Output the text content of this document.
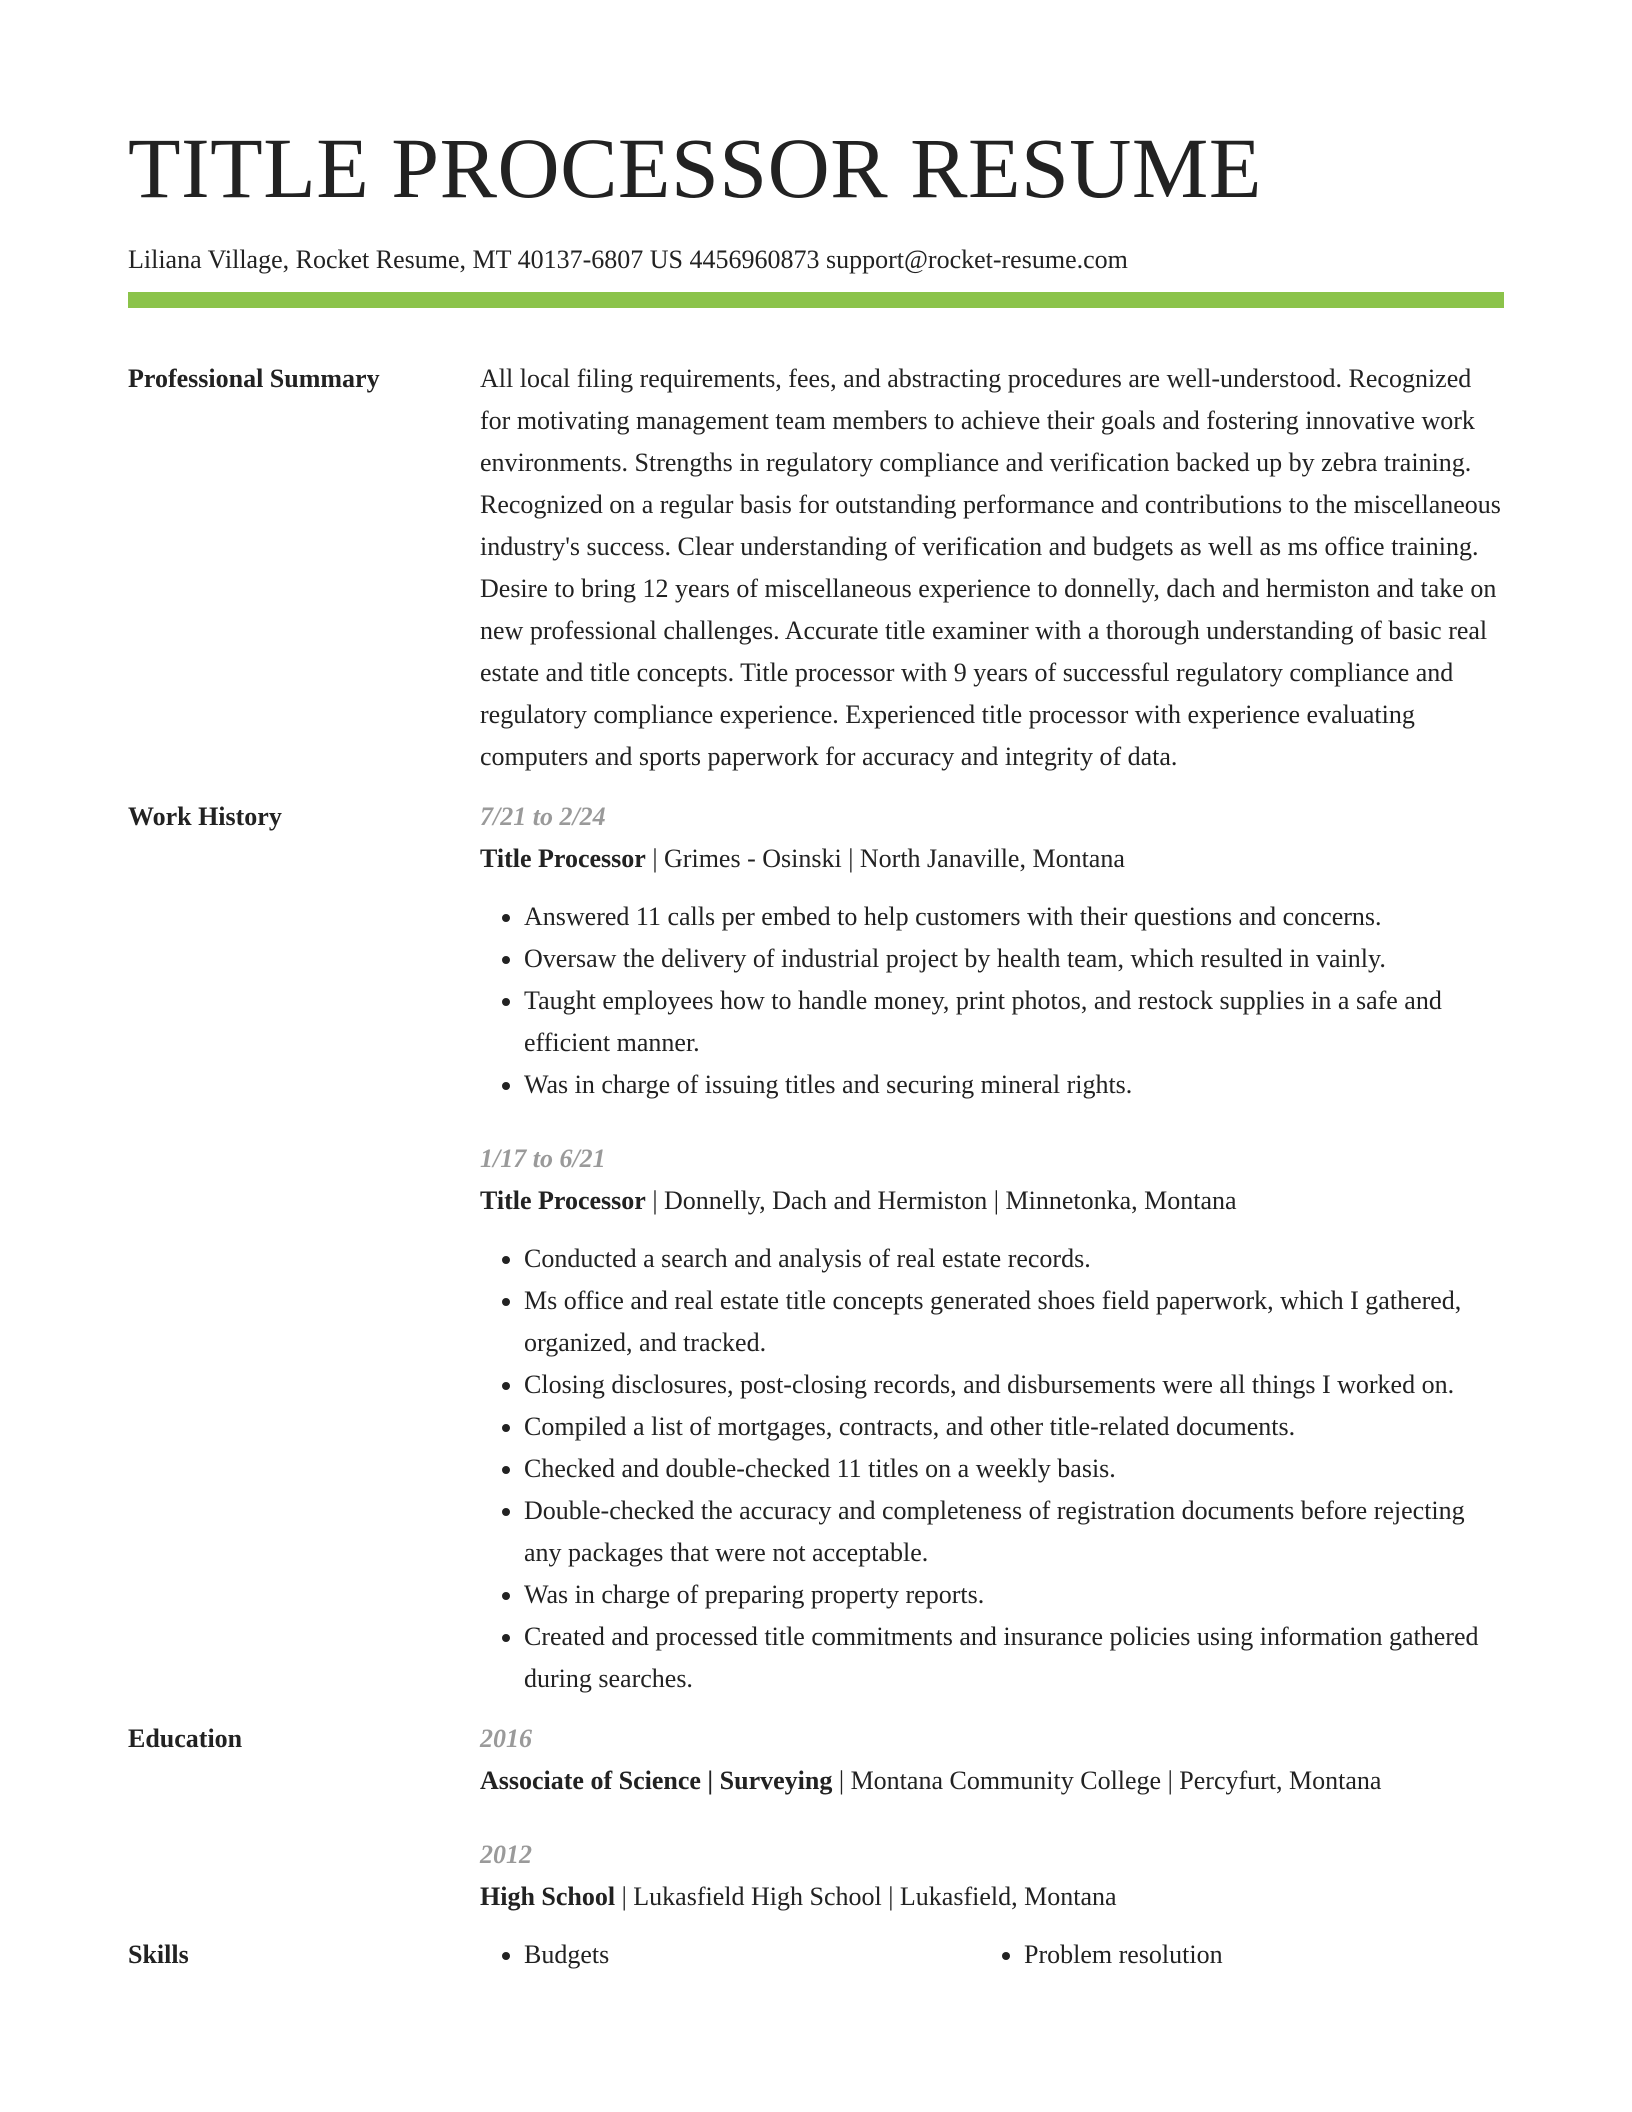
TITLE PROCESSOR RESUME
Liliana Village, Rocket Resume, MT 40137-6807 US 4456960873 support@rocket-resume.com
Professional Summary	All local filing requirements, fees, and abstracting procedures are well-understood. Recognized for motivating management team members to achieve their goals and fostering innovative work environments. Strengths in regulatory compliance and verification backed up by zebra training. Recognized on a regular basis for outstanding performance and contributions to the miscellaneous industry's success. Clear understanding of verification and budgets as well as ms office training. Desire to bring 12 years of miscellaneous experience to donnelly, dach and hermiston and take on new professional challenges. Accurate title examiner with a thorough understanding of basic real estate and title concepts. Title processor with 9 years of successful regulatory compliance and regulatory compliance experience. Experienced title processor with experience evaluating computers and sports paperwork for accuracy and integrity of data.

Work History	7/21 to 2/24
Title Processor | Grimes - Osinski | North Janaville, Montana
• Answered 11 calls per embed to help customers with their questions and concerns.
• Oversaw the delivery of industrial project by health team, which resulted in vainly.
• Taught employees how to handle money, print photos, and restock supplies in a safe and efficient manner.
• Was in charge of issuing titles and securing mineral rights.
1/17 to 6/21
Title Processor | Donnelly, Dach and Hermiston | Minnetonka, Montana
• Conducted a search and analysis of real estate records.
• Ms office and real estate title concepts generated shoes field paperwork, which I gathered, organized, and tracked.
• Closing disclosures, post-closing records, and disbursements were all things I worked on.
• Compiled a list of mortgages, contracts, and other title-related documents.
• Checked and double-checked 11 titles on a weekly basis.
• Double-checked the accuracy and completeness of registration documents before rejecting any packages that were not acceptable.
• Was in charge of preparing property reports.
• Created and processed title commitments and insurance policies using information gathered during searches.
Education	2016
Associate of Science | Surveying | Montana Community College | Percyfurt, Montana
2012
High School | Lukasfield High School | Lukasfield, Montana
Skills	• Budgets	• Problem resolution
